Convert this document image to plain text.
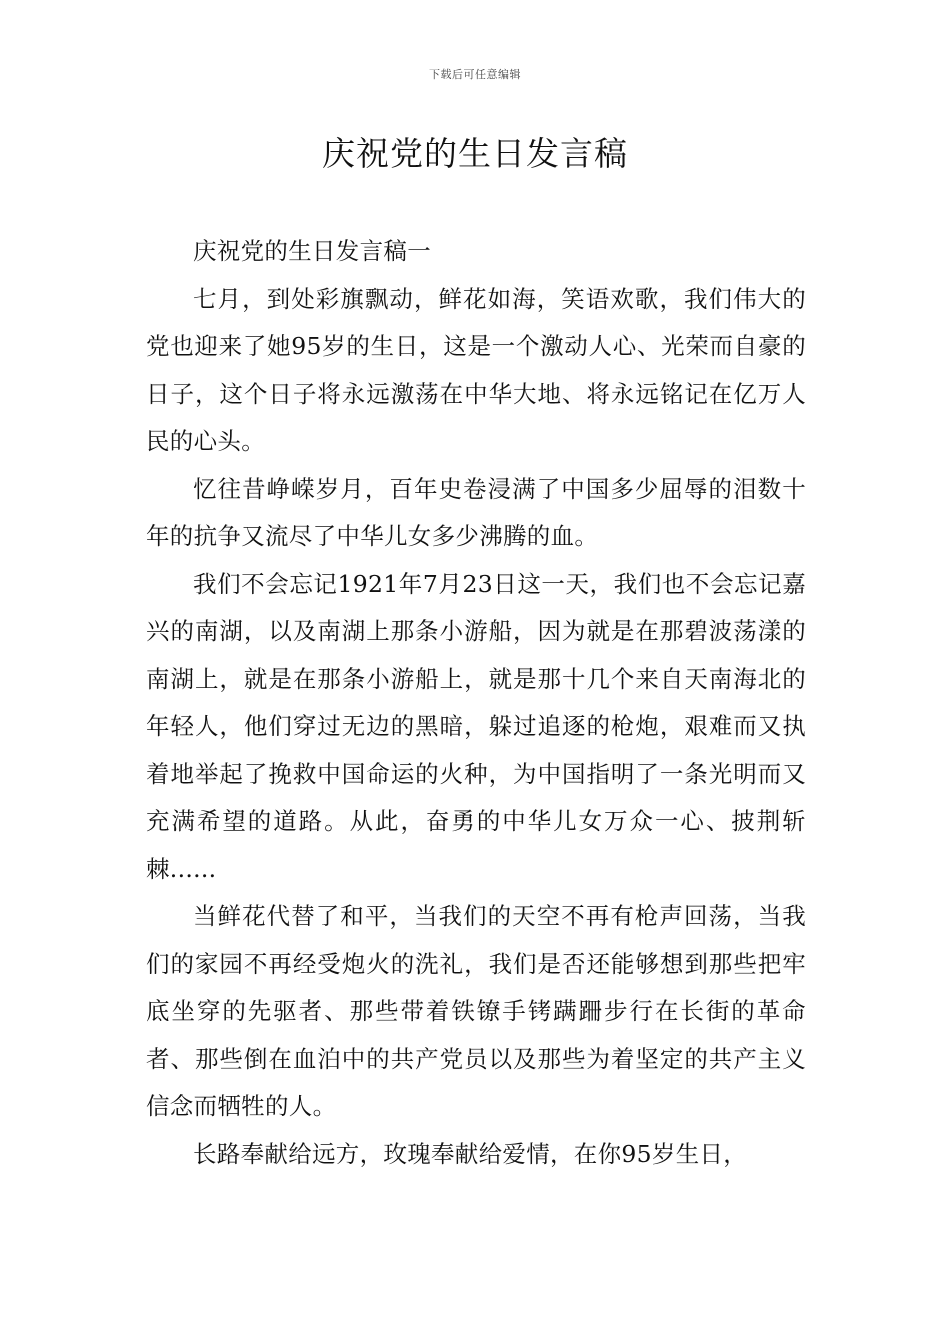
下载后可任意编辑
庆祝党的生日发言稿

庆祝党的生日发言稿一

七月，到处彩旗飘动，鲜花如海，笑语欢歌，我们伟大的党也迎来了她95岁的生日，这是一个激动人心、光荣而自豪的日子，这个日子将永远激荡在中华大地、将永远铭记在亿万人民的心头。

忆往昔峥嵘岁月，百年史卷浸满了中国多少屈辱的泪数十年的抗争又流尽了中华儿女多少沸腾的血。

我们不会忘记1921年7月23日这一天，我们也不会忘记嘉兴的南湖，以及南湖上那条小游船，因为就是在那碧波荡漾的南湖上，就是在那条小游船上，就是那十几个来自天南海北的年轻人，他们穿过无边的黑暗，躲过追逐的枪炮，艰难而又执着地举起了挽救中国命运的火种，为中国指明了一条光明而又充满希望的道路。从此，奋勇的中华儿女万众一心、披荆斩棘......

当鲜花代替了和平，当我们的天空不再有枪声回荡，当我们的家园不再经受炮火的洗礼，我们是否还能够想到那些把牢底坐穿的先驱者、那些带着铁镣手铐蹒跚步行在长街的革命者、那些倒在血泊中的共产党员以及那些为着坚定的共产主义信念而牺牲的人。

长路奉献给远方，玫瑰奉献给爱情，在你95岁生日，
